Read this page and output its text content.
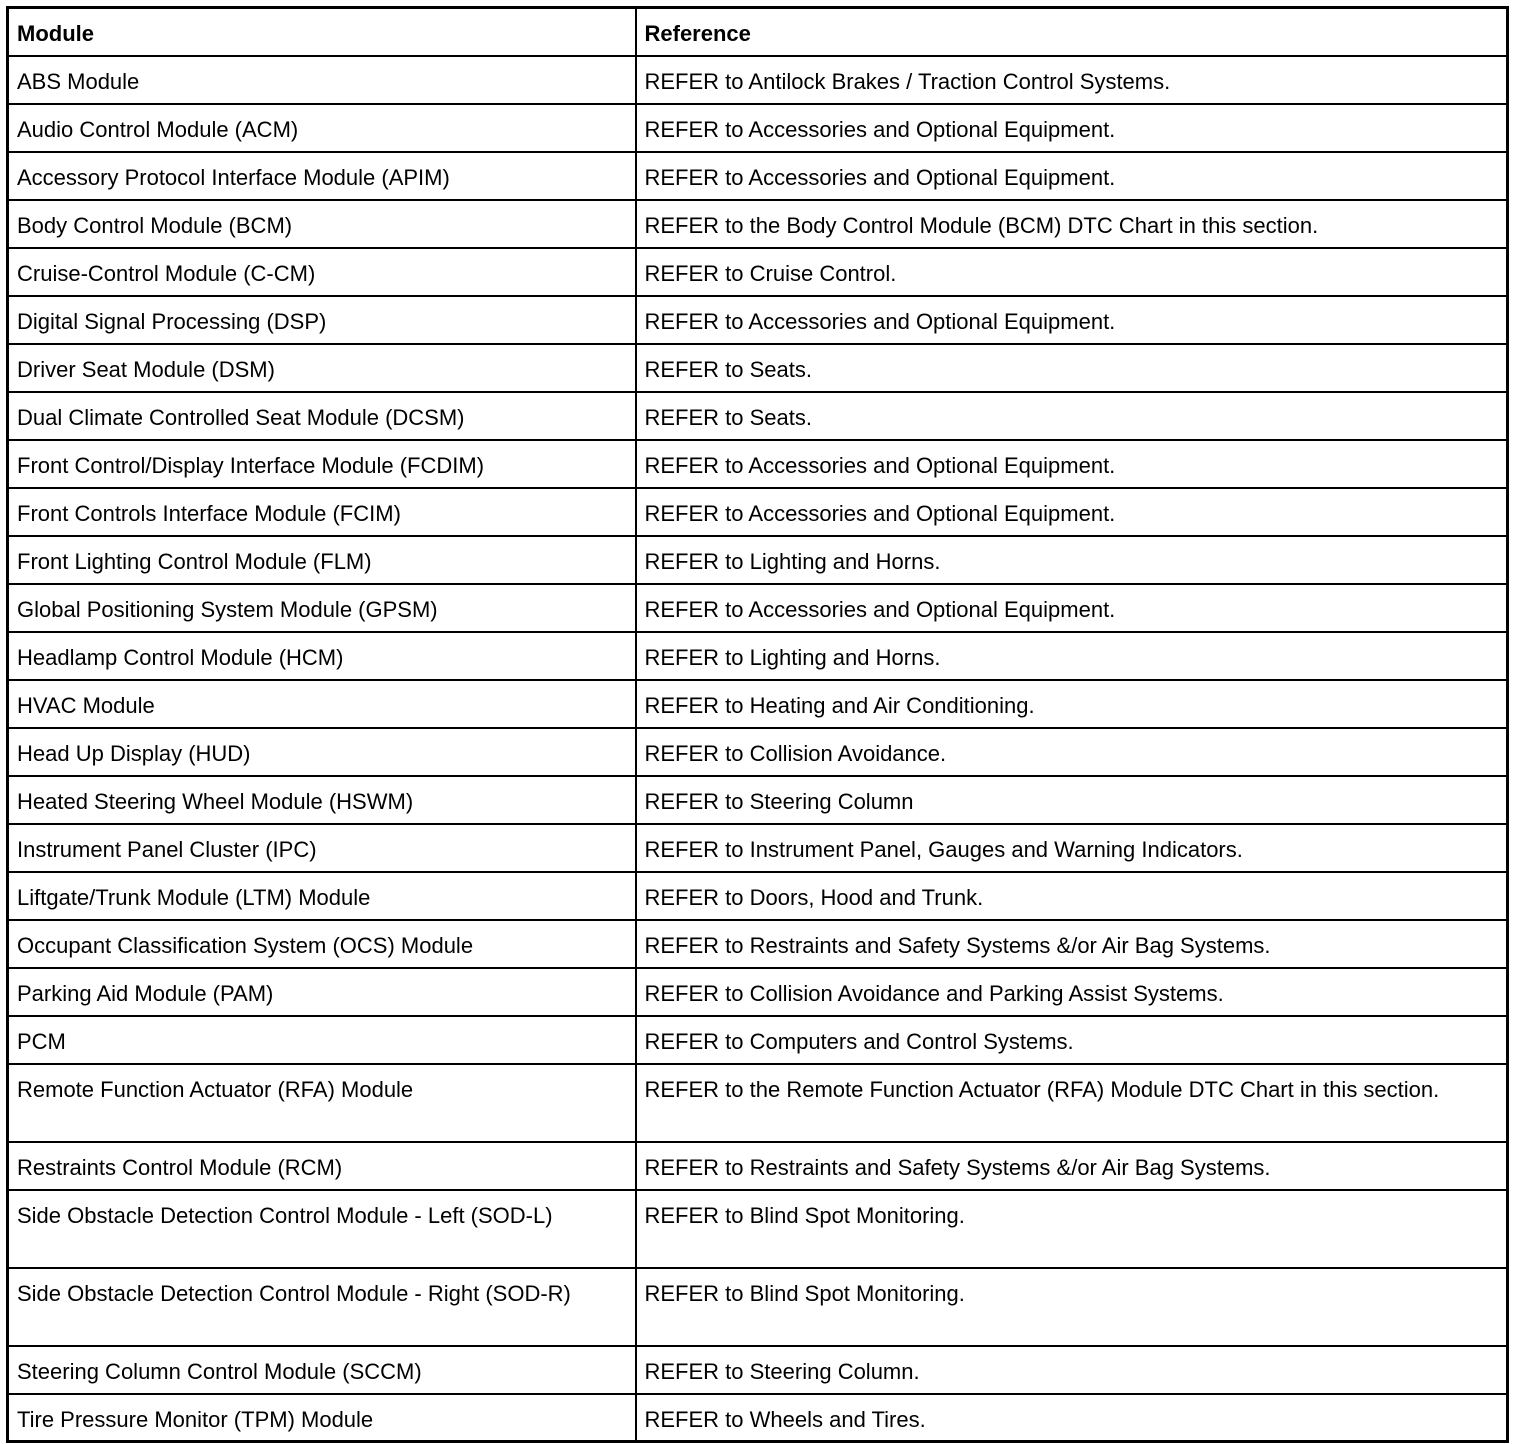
Module	Reference
ABS Module	REFER to Antilock Brakes / Traction Control Systems.
Audio Control Module (ACM)	REFER to Accessories and Optional Equipment.
Accessory Protocol Interface Module (APIM)	REFER to Accessories and Optional Equipment.
Body Control Module (BCM)	REFER to the Body Control Module (BCM) DTC Chart in this section.
Cruise-Control Module (C-CM)	REFER to Cruise Control.
Digital Signal Processing (DSP)	REFER to Accessories and Optional Equipment.
Driver Seat Module (DSM)	REFER to Seats.
Dual Climate Controlled Seat Module (DCSM)	REFER to Seats.
Front Control/Display Interface Module (FCDIM)	REFER to Accessories and Optional Equipment.
Front Controls Interface Module (FCIM)	REFER to Accessories and Optional Equipment.
Front Lighting Control Module (FLM)	REFER to Lighting and Horns.
Global Positioning System Module (GPSM)	REFER to Accessories and Optional Equipment.
Headlamp Control Module (HCM)	REFER to Lighting and Horns.
HVAC Module	REFER to Heating and Air Conditioning.
Head Up Display (HUD)	REFER to Collision Avoidance.
Heated Steering Wheel Module (HSWM)	REFER to Steering Column
Instrument Panel Cluster (IPC)	REFER to Instrument Panel, Gauges and Warning Indicators.
Liftgate/Trunk Module (LTM) Module	REFER to Doors, Hood and Trunk.
Occupant Classification System (OCS) Module	REFER to Restraints and Safety Systems &/or Air Bag Systems.
Parking Aid Module (PAM)	REFER to Collision Avoidance and Parking Assist Systems.
PCM	REFER to Computers and Control Systems.
Remote Function Actuator (RFA) Module	REFER to the Remote Function Actuator (RFA) Module DTC Chart in this section.
Restraints Control Module (RCM)	REFER to Restraints and Safety Systems &/or Air Bag Systems.
Side Obstacle Detection Control Module - Left (SOD-L)	REFER to Blind Spot Monitoring.
Side Obstacle Detection Control Module - Right (SOD-R)	REFER to Blind Spot Monitoring.
Steering Column Control Module (SCCM)	REFER to Steering Column.
Tire Pressure Monitor (TPM) Module	REFER to Wheels and Tires.
